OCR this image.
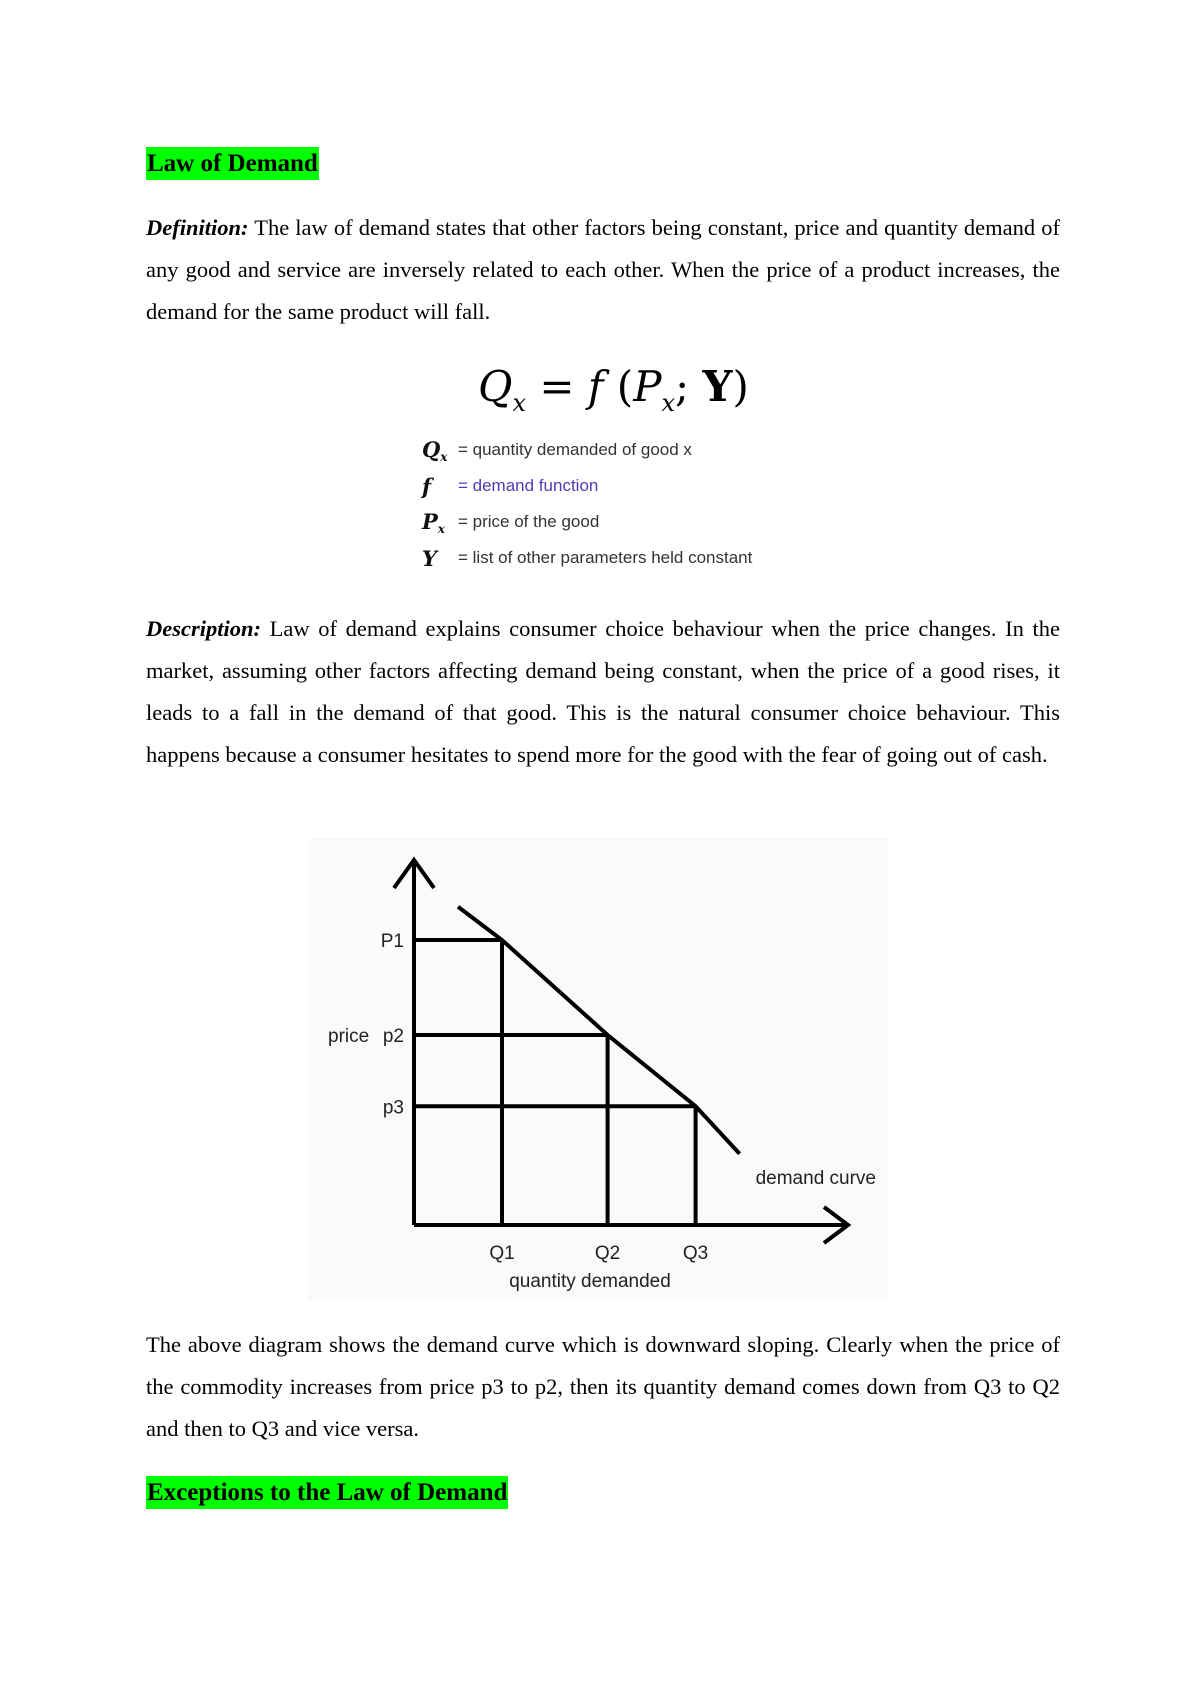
Law of Demand
Definition: The law of demand states that other factors being constant, price and quantity demand of any good and service are inversely related to each other. When the price of a product increases, the demand for the same product will fall.
$Q_x = f$ ($P_x$; Y)
$Q_x$ = quantity demanded of good x
f	= demand function
$P_x$ = price of the good
Y	= list of other parameters held constant
Description: Law of demand explains consumer choice behaviour when the price changes. In the market, assuming other factors affecting demand being constant, when the price of a good rises, it leads to a fall in the demand of that good. This is the natural consumer choice behaviour. This happens because a consumer hesitates to spend more for the good with the fear of going out of cash.
P1
p2
p3
Q1	Q2	Q3
price
quantity demanded
demand curve
The above diagram shows the demand curve which is downward sloping. Clearly when the price of the commodity increases from price p3 to p2, then its quantity demand comes down from Q3 to Q2 and then to Q3 and vice versa.
Exceptions to the Law of Demand
